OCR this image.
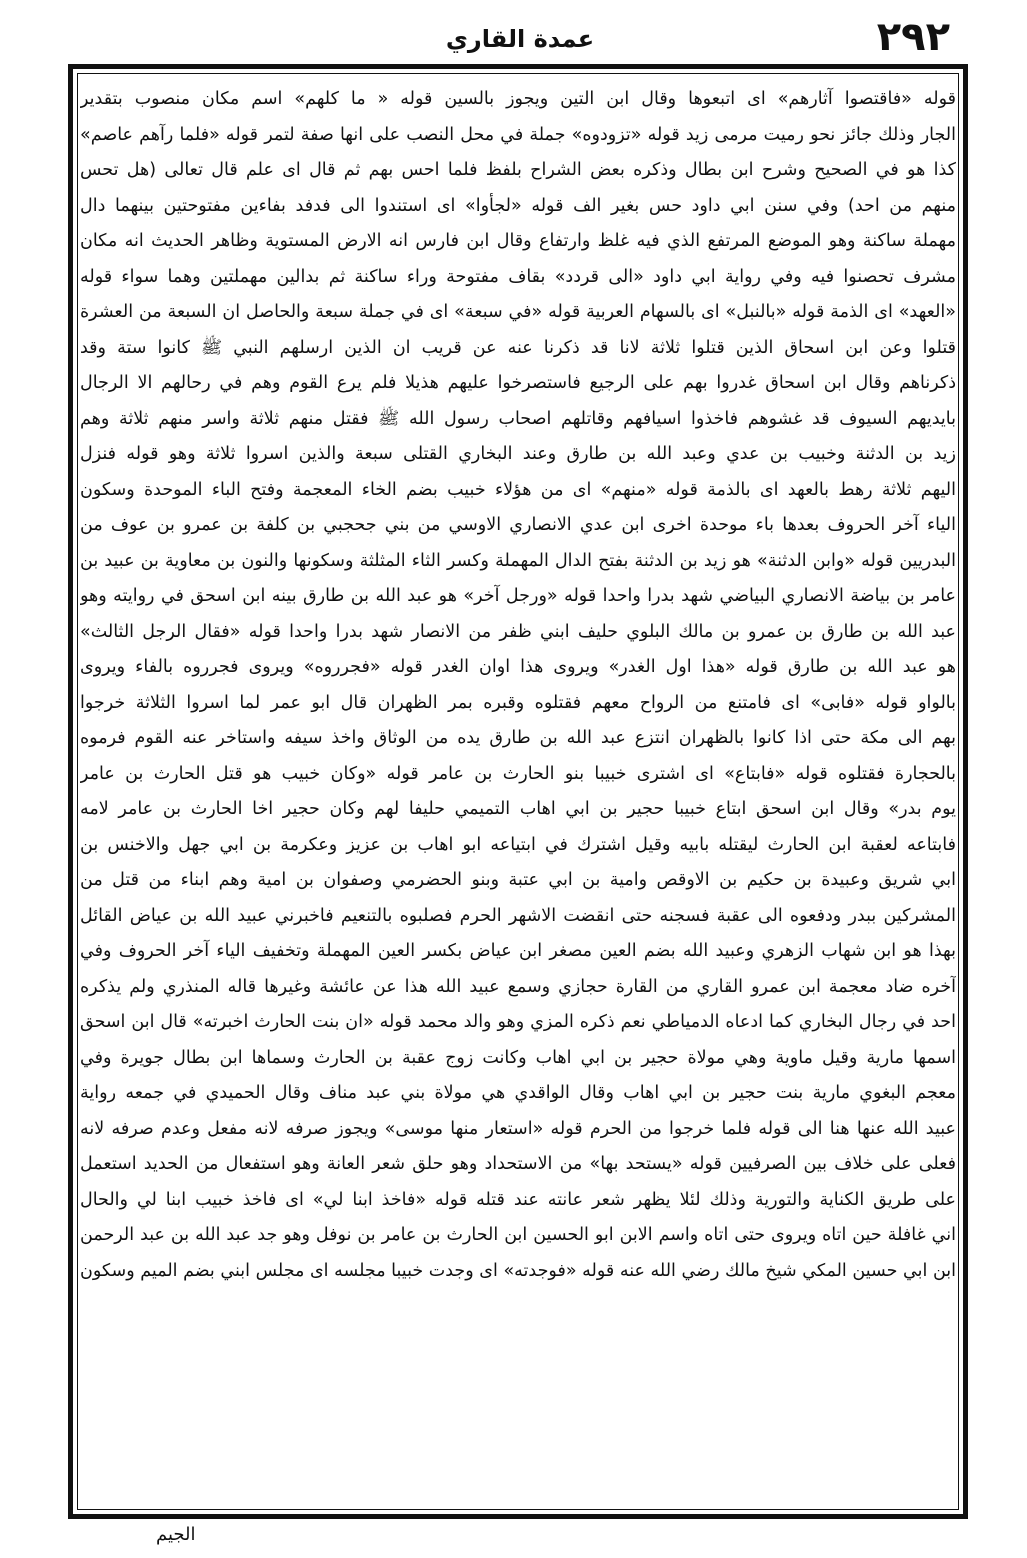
عمدة القاري	٢٩٢
قوله «فاقتصوا آثارهم» اى اتبعوها وقال ابن التين ويجوز بالسين قوله « ما كلهم» اسم مكان منصوب بتقدير
الجار وذلك جائز نحو رميت مرمى زيد قوله «تزودوه» جملة في محل النصب على انها صفة لتمر قوله «فلما رآهم عاصم»
كذا هو في الصحيح وشرح ابن بطال وذكره بعض الشراح بلفظ فلما احس بهم ثم قال اى علم قال تعالى (هل تحس
منهم من احد) وفي سنن ابي داود حس بغير الف قوله «لجأوا» اى استندوا الى فدفد بفاءين مفتوحتين بينهما دال
مهملة ساكنة وهو الموضع المرتفع الذي فيه غلظ وارتفاع وقال ابن فارس انه الارض المستوية وظاهر الحديث انه مكان
مشرف تحصنوا فيه وفي رواية ابي داود «الى قردد» بقاف مفتوحة وراء ساكنة ثم بدالين مهملتين وهما سواء قوله
«العهد» اى الذمة قوله «بالنبل» اى بالسهام العربية قوله «في سبعة» اى في جملة سبعة والحاصل ان السبعة من العشرة
قتلوا وعن ابن اسحاق الذين قتلوا ثلاثة لانا قد ذكرنا عنه عن قريب ان الذين ارسلهم النبي ﷺ كانوا ستة وقد
ذكرناهم وقال ابن اسحاق غدروا بهم على الرجيع فاستصرخوا عليهم هذيلا فلم يرع القوم وهم في رحالهم الا الرجال
بايديهم السيوف قد غشوهم فاخذوا اسيافهم وقاتلهم اصحاب رسول الله ﷺ فقتل منهم ثلاثة واسر منهم ثلاثة وهم
زيد بن الدثنة وخبيب بن عدي وعبد الله بن طارق وعند البخاري القتلى سبعة والذين اسروا ثلاثة وهو قوله فنزل
اليهم ثلاثة رهط بالعهد اى بالذمة قوله «منهم» اى من هؤلاء خبيب بضم الخاء المعجمة وفتح الباء الموحدة وسكون
الياء آخر الحروف بعدها باء موحدة اخرى ابن عدي الانصاري الاوسي من بني جحجبي بن كلفة بن عمرو بن عوف من
البدريين قوله «وابن الدثنة» هو زيد بن الدثنة بفتح الدال المهملة وكسر الثاء المثلثة وسكونها والنون بن معاوية بن عبيد بن
عامر بن بياضة الانصاري البياضي شهد بدرا واحدا قوله «ورجل آخر» هو عبد الله بن طارق بينه ابن اسحق في روايته وهو
عبد الله بن طارق بن عمرو بن مالك البلوي حليف ابني ظفر من الانصار شهد بدرا واحدا قوله «فقال الرجل الثالث»
هو عبد الله بن طارق قوله «هذا اول الغدر» ويروى هذا اوان الغدر قوله «فجرروه» ويروى فجرروه بالفاء ويروى
بالواو قوله «فابى» اى فامتنع من الرواح معهم فقتلوه وقبره بمر الظهران قال ابو عمر لما اسروا الثلاثة خرجوا
بهم الى مكة حتى اذا كانوا بالظهران انتزع عبد الله بن طارق يده من الوثاق واخذ سيفه واستاخر عنه القوم فرموه
بالحجارة فقتلوه قوله «فابتاع» اى اشترى خبيبا بنو الحارث بن عامر قوله «وكان خبيب هو قتل الحارث بن عامر
يوم بدر» وقال ابن اسحق ابتاع خبيبا حجير بن ابي اهاب التميمي حليفا لهم وكان حجير اخا الحارث بن عامر لامه
فابتاعه لعقبة ابن الحارث ليقتله بابيه وقيل اشترك في ابتياعه ابو اهاب بن عزيز وعكرمة بن ابي جهل والاخنس بن
ابي شريق وعبيدة بن حكيم بن الاوقص وامية بن ابي عتبة وبنو الحضرمي وصفوان بن امية وهم ابناء من قتل من
المشركين ببدر ودفعوه الى عقبة فسجنه حتى انقضت الاشهر الحرم فصلبوه بالتنعيم فاخبرني عبيد الله بن عياض القائل
بهذا هو ابن شهاب الزهري وعبيد الله بضم العين مصغر ابن عياض بكسر العين المهملة وتخفيف الياء آخر الحروف وفي
آخره ضاد معجمة ابن عمرو القاري من القارة حجازي وسمع عبيد الله هذا عن عائشة وغيرها قاله المنذري ولم يذكره
احد في رجال البخاري كما ادعاه الدمياطي نعم ذكره المزي وهو والد محمد قوله «ان بنت الحارث اخبرته» قال ابن اسحق
اسمها مارية وقيل ماوية وهي مولاة حجير بن ابي اهاب وكانت زوج عقبة بن الحارث وسماها ابن بطال جويرة وفي
معجم البغوي مارية بنت حجير بن ابي اهاب وقال الواقدي هي مولاة بني عبد مناف وقال الحميدي في جمعه رواية
عبيد الله عنها هنا الى قوله فلما خرجوا من الحرم قوله «استعار منها موسى» ويجوز صرفه لانه مفعل وعدم صرفه لانه
فعلى على خلاف بين الصرفيين قوله «يستحد بها» من الاستحداد وهو حلق شعر العانة وهو استفعال من الحديد استعمل
على طريق الكناية والتورية وذلك لئلا يظهر شعر عانته عند قتله قوله «فاخذ ابنا لي» اى فاخذ خبيب ابنا لي والحال
اني غافلة حين اتاه ويروى حتى اتاه واسم الابن ابو الحسين ابن الحارث بن عامر بن نوفل وهو جد عبد الله بن عبد الرحمن
ابن ابي حسين المكي شيخ مالك رضي الله عنه قوله «فوجدته» اى وجدت خبيبا مجلسه اى مجلس ابني بضم الميم وسكون
الجيم
